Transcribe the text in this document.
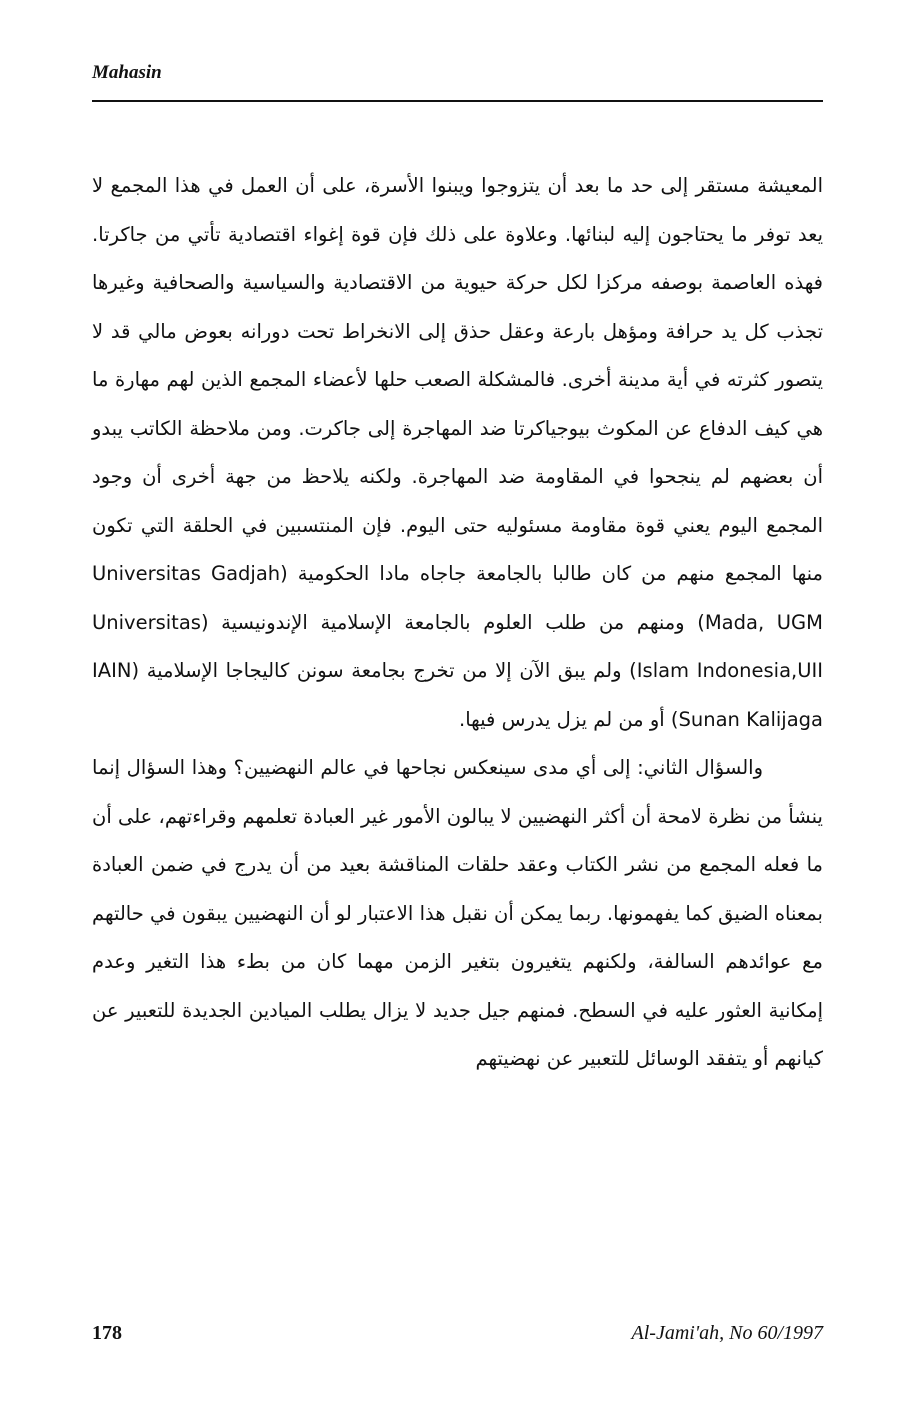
Mahasin

المعيشة مستقر إلى حد ما بعد أن يتزوجوا ويبنوا الأسرة، على أن العمل في هذا المجمع لا يعد توفر ما يحتاجون إليه لبنائها. وعلاوة على ذلك فإن قوة إغواء اقتصادية تأتي من جاكرتا. فهذه العاصمة بوصفه مركزا لكل حركة حيوية من الاقتصادية والسياسية والصحافية وغيرها تجذب كل يد حرافة ومؤهل بارعة وعقل حذق إلى الانخراط تحت دورانه بعوض مالي قد لا يتصور كثرته في أية مدينة أخرى. فالمشكلة الصعب حلها لأعضاء المجمع الذين لهم مهارة ما هي كيف الدفاع عن المكوث بيوجياكرتا ضد المهاجرة إلى جاكرت. ومن ملاحظة الكاتب يبدو أن بعضهم لم ينجحوا في المقاومة ضد المهاجرة. ولكنه يلاحظ من جهة أخرى أن وجود المجمع اليوم يعني قوة مقاومة مسئوليه حتى اليوم. فإن المنتسبين في الحلقة التي تكون منها المجمع منهم من كان طالبا بالجامعة جاجاه مادا الحكومية (Universitas Gadjah Mada, UGM) ومنهم من طلب العلوم بالجامعة الإسلامية الإندونيسية (Universitas Islam Indonesia,UII) ولم يبق الآن إلا من تخرج بجامعة سونن كاليجاجا الإسلامية (IAIN Sunan Kalijaga) أو من لم يزل يدرس فيها.

والسؤال الثاني: إلى أي مدى سينعكس نجاحها في عالم النهضيين؟ وهذا السؤال إنما ينشأ من نظرة لامحة أن أكثر النهضيين لا يبالون الأمور غير العبادة تعلمهم وقراءتهم، على أن ما فعله المجمع من نشر الكتاب وعقد حلقات المناقشة بعيد من أن يدرج في ضمن العبادة بمعناه الضيق كما يفهمونها. ربما يمكن أن نقبل هذا الاعتبار لو أن النهضيين يبقون في حالتهم مع عوائدهم السالفة، ولكنهم يتغيرون بتغير الزمن مهما كان من بطء هذا التغير وعدم إمكانية العثور عليه في السطح. فمنهم جيل جديد لا يزال يطلب الميادين الجديدة للتعبير عن كيانهم أو يتفقد الوسائل للتعبير عن نهضيتهم

178	Al-Jami'ah, No 60/1997
